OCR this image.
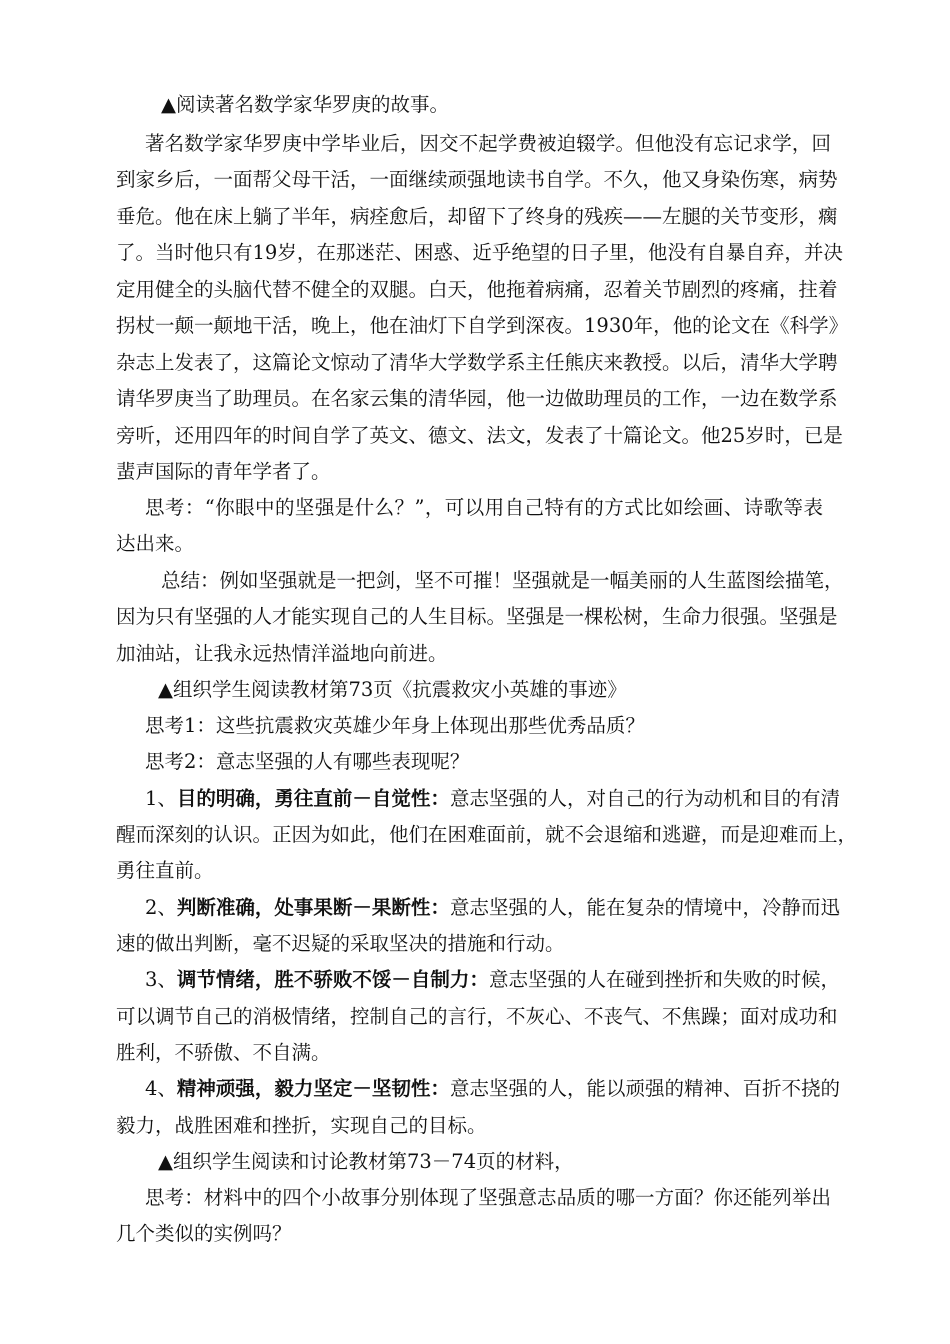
▲阅读著名数学家华罗庚的故事。
著名数学家华罗庚中学毕业后，因交不起学费被迫辍学。但他没有忘记求学，回
到家乡后，一面帮父母干活，一面继续顽强地读书自学。不久，他又身染伤寒，病势
垂危。他在床上躺了半年，病痊愈后，却留下了终身的残疾——左腿的关节变形，瘸
了。当时他只有19岁，在那迷茫、困惑、近乎绝望的日子里，他没有自暴自弃，并决
定用健全的头脑代替不健全的双腿。白天，他拖着病痛，忍着关节剧烈的疼痛，拄着
拐杖一颠一颠地干活，晚上，他在油灯下自学到深夜。1930年，他的论文在《科学》
杂志上发表了，这篇论文惊动了清华大学数学系主任熊庆来教授。以后，清华大学聘
请华罗庚当了助理员。在名家云集的清华园，他一边做助理员的工作，一边在数学系
旁听，还用四年的时间自学了英文、德文、法文，发表了十篇论文。他25岁时，已是
蜚声国际的青年学者了。
思考：“你眼中的坚强是什么？”，可以用自己特有的方式比如绘画、诗歌等表
达出来。
总结：例如坚强就是一把剑，坚不可摧！坚强就是一幅美丽的人生蓝图绘描笔，
因为只有坚强的人才能实现自己的人生目标。坚强是一棵松树，生命力很强。坚强是
加油站，让我永远热情洋溢地向前进。
▲组织学生阅读教材第73页《抗震救灾小英雄的事迹》
思考1：这些抗震救灾英雄少年身上体现出那些优秀品质？
思考2：意志坚强的人有哪些表现呢？
1、目的明确，勇往直前－自觉性：意志坚强的人，对自己的行为动机和目的有清
醒而深刻的认识。正因为如此，他们在困难面前，就不会退缩和逃避，而是迎难而上，
勇往直前。
2、判断准确，处事果断－果断性：意志坚强的人，能在复杂的情境中，冷静而迅
速的做出判断，毫不迟疑的采取坚决的措施和行动。
3、调节情绪，胜不骄败不馁－自制力：意志坚强的人在碰到挫折和失败的时候，
可以调节自己的消极情绪，控制自己的言行，不灰心、不丧气、不焦躁；面对成功和
胜利，不骄傲、不自满。
4、精神顽强，毅力坚定－坚韧性：意志坚强的人，能以顽强的精神、百折不挠的
毅力，战胜困难和挫折，实现自己的目标。
▲组织学生阅读和讨论教材第73－74页的材料，
思考：材料中的四个小故事分别体现了坚强意志品质的哪一方面？你还能列举出
几个类似的实例吗？
